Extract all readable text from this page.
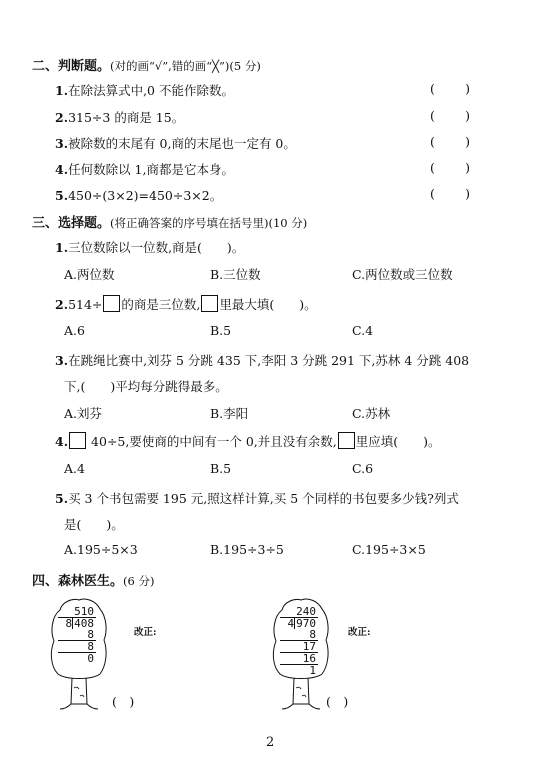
二、判断题。(对的画“√”,错的画“╳”)(5 分)
1.在除法算式中,0 不能作除数。	( )
2.315÷3 的商是 15。	( )
3.被除数的末尾有 0,商的末尾也一定有 0。	( )
4.任何数除以 1,商都是它本身。	( )
5.450÷(3×2)=450÷3×2。	( )
三、选择题。(将正确答案的序号填在括号里)(10 分)
1.三位数除以一位数,商是(　　)。
A.两位数	B.三位数	C.两位数或三位数
2.514÷ 的商是三位数, 里最大填(　　)。
A.6	B.5	C.4
3.在跳绳比赛中,刘芬 5 分跳 435 下,李阳 3 分跳 291 下,苏林 4 分跳 408
下,(　　)平均每分跳得最多。
A.刘芬	B.李阳	C.苏林
4. 40÷5,要使商的中间有一个 0,并且没有余数, 里应填(　　)。
A.4	B.5	C.6
5.买 3 个书包需要 195 元,照这样计算,买 5 个同样的书包要多少钱?列式
是(　　)。
A.195÷5×3	B.195÷3÷5	C.195÷3×5
四、森林医生。(6 分)
510
8 408
8
8
0
改正:
(　)
240
4 970
8
17
16
1
改正:
(　)
2
